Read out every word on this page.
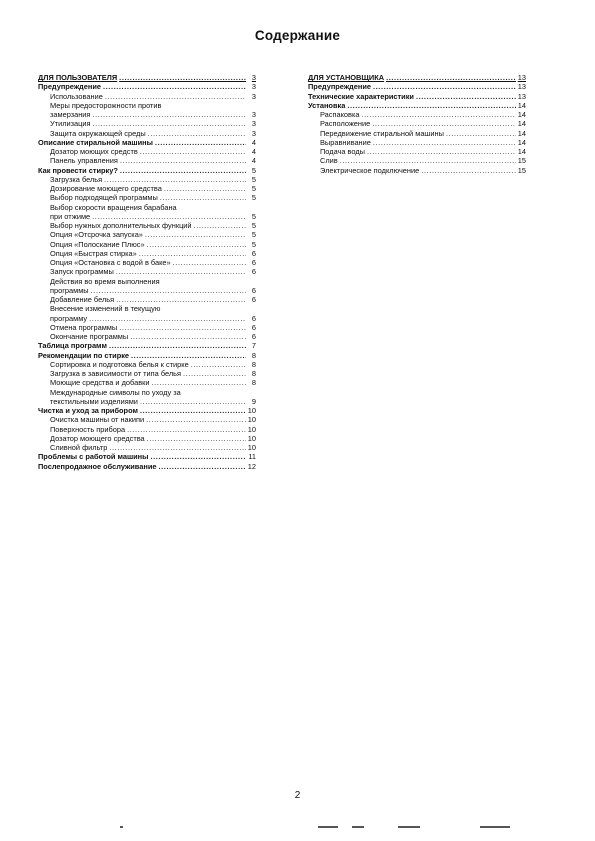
Содержание
ДЛЯ ПОЛЬЗОВАТЕЛЯ .....	3
Предупреждение .....	3
Использование .....	3
Меры предосторожности против
замерзания .....	3
Утилизация .....	3
Защита окружающей среды .....	3
Описание стиральной машины .....	4
Дозатор моющих средств .....	4
Панель управления .....	4
Как провести стирку? .....	5
Загрузка белья .....	5
Дозирование моющего средства .....	5
Выбор подходящей программы .....	5
Выбор скорости вращения барабана
при отжиме .....	5
Выбор нужных дополнительных функций .....	5
Опция «Отсрочка запуска» .....	5
Опция «Полоскание Плюс» .....	5
Опция «Быстрая стирка» .....	6
Опция «Остановка с водой в баке» .....	6
Запуск программы .....	6
Действия во время выполнения
программы .....	6
Добавление белья .....	6
Внесение изменений в текущую
программу .....	6
Отмена программы .....	6
Окончание программы .....	6
Таблица программ .....	7
Рекомендации по стирке .....	8
Сортировка и подготовка белья к стирке .....	8
Загрузка в зависимости от типа белья .....	8
Моющие средства и добавки .....	8
Международные символы по уходу за
текстильными изделиями .....	9
Чистка и уход за прибором .....	10
Очистка машины от накипи .....	10
Поверхность прибора .....	10
Дозатор моющего средства .....	10
Сливной фильтр .....	10
Проблемы с работой машины .....	11
Послепродажное обслуживание .....	12
ДЛЯ УСТАНОВЩИКА .....	13
Предупреждение .....	13
Технические характеристики .....	13
Установка .....	14
Распаковка .....	14
Расположение .....	14
Передвижение стиральной машины .....	14
Выравнивание .....	14
Подача воды .....	14
Слив .....	15
Электрическое подключение .....	15
2
